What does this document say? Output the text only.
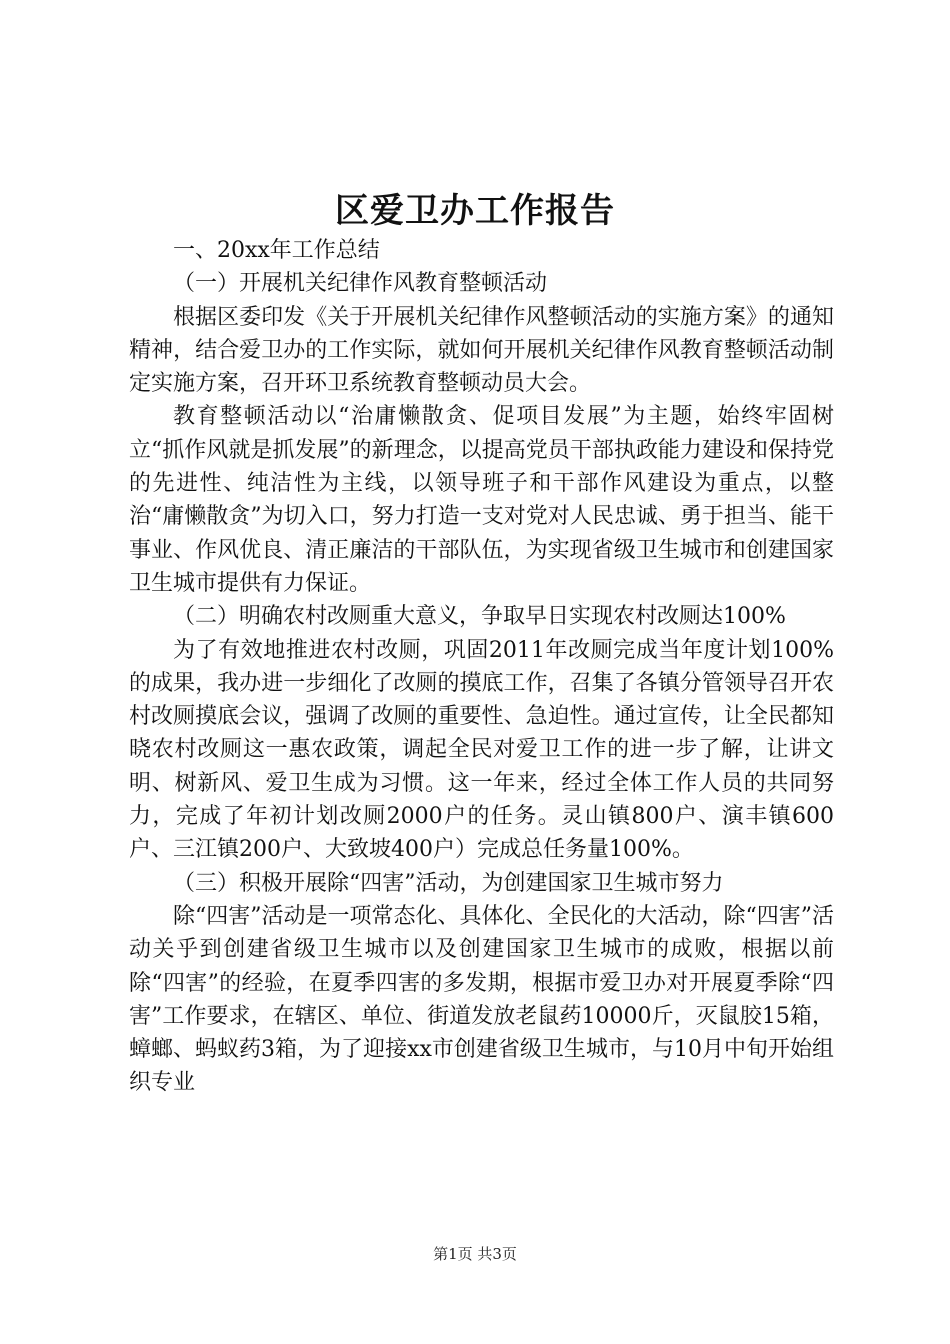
区爱卫办工作报告

一、20xx年工作总结

（一）开展机关纪律作风教育整顿活动

根据区委印发《关于开展机关纪律作风整顿活动的实施方案》的通知精神，结合爱卫办的工作实际，就如何开展机关纪律作风教育整顿活动制定实施方案，召开环卫系统教育整顿动员大会。

教育整顿活动以“治庸懒散贪、促项目发展”为主题，始终牢固树立“抓作风就是抓发展”的新理念，以提高党员干部执政能力建设和保持党的先进性、纯洁性为主线，以领导班子和干部作风建设为重点，以整治“庸懒散贪”为切入口，努力打造一支对党对人民忠诚、勇于担当、能干事业、作风优良、清正廉洁的干部队伍，为实现省级卫生城市和创建国家卫生城市提供有力保证。

（二）明确农村改厕重大意义，争取早日实现农村改厕达100%

为了有效地推进农村改厕，巩固2011年改厕完成当年度计划100%的成果，我办进一步细化了改厕的摸底工作，召集了各镇分管领导召开农村改厕摸底会议，强调了改厕的重要性、急迫性。通过宣传，让全民都知晓农村改厕这一惠农政策，调起全民对爱卫工作的进一步了解，让讲文明、树新风、爱卫生成为习惯。这一年来，经过全体工作人员的共同努力，完成了年初计划改厕2000户的任务。灵山镇800户、演丰镇600户、三江镇200户、大致坡400户）完成总任务量100%。

（三）积极开展除“四害”活动，为创建国家卫生城市努力

除“四害”活动是一项常态化、具体化、全民化的大活动，除“四害”活动关乎到创建省级卫生城市以及创建国家卫生城市的成败，根据以前除“四害”的经验，在夏季四害的多发期，根据市爱卫办对开展夏季除“四害”工作要求，在辖区、单位、街道发放老鼠药10000斤，灭鼠胶15箱，蟑螂、蚂蚁药3箱，为了迎接xx市创建省级卫生城市，与10月中旬开始组织专业

第1页 共3页
